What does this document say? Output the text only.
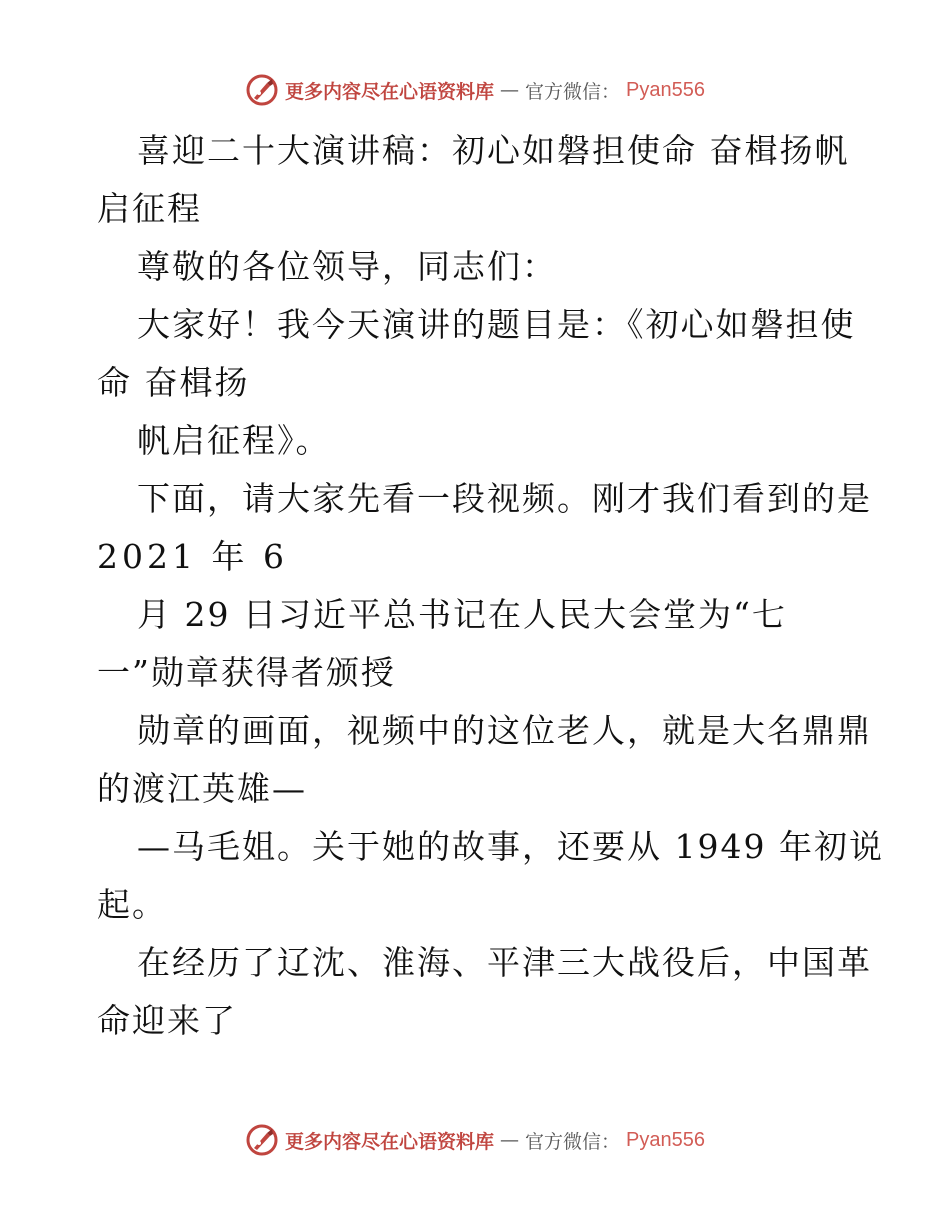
更多内容尽在心语资料库 — 官方微信： Pyan556
喜迎二十大演讲稿：初心如磐担使命 奋楫扬帆
启征程
尊敬的各位领导，同志们：
大家好！我今天演讲的题目是：《初心如磐担使
命 奋楫扬
帆启征程》。
下面，请大家先看一段视频。刚才我们看到的是
2021 年 6
月 29 日习近平总书记在人民大会堂为“七
一”勋章获得者颁授
勋章的画面，视频中的这位老人，就是大名鼎鼎
的渡江英雄—
—马毛姐。关于她的故事，还要从 1949 年初说
起。
在经历了辽沈、淮海、平津三大战役后，中国革
命迎来了
更多内容尽在心语资料库 — 官方微信： Pyan556
